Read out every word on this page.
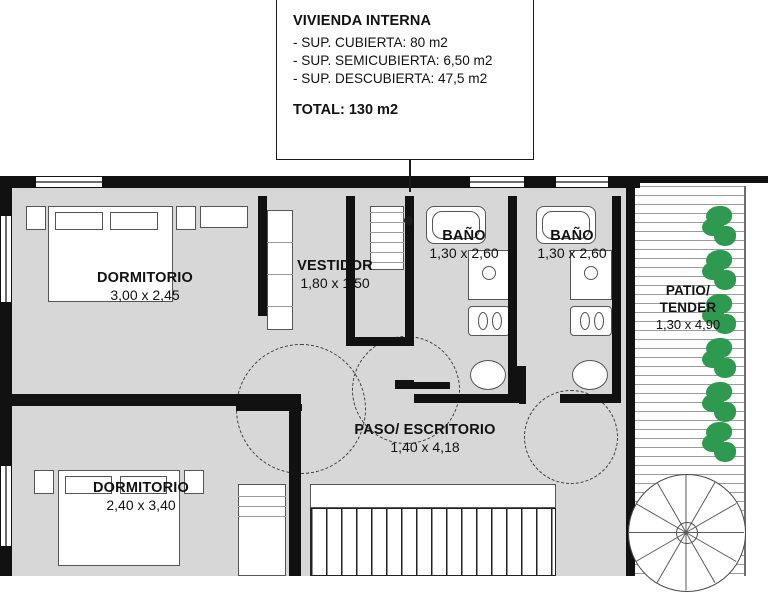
DORMITORIO
3,00 x 2,45
VESTIDOR
1,80 x 1,50
BAÑO
1,30 x 2,60
BAÑO
1,30 x 2,60
PATIO/
TENDER
1,30 x 4,90
PASO/ ESCRITORIO
1,40 x 4,18
DORMITORIO
2,40 x 3,40
VIVIENDA INTERNA
- SUP. CUBIERTA: 80 m2
- SUP. SEMICUBIERTA: 6,50 m2
- SUP. DESCUBIERTA: 47,5 m2
TOTAL: 130 m2
